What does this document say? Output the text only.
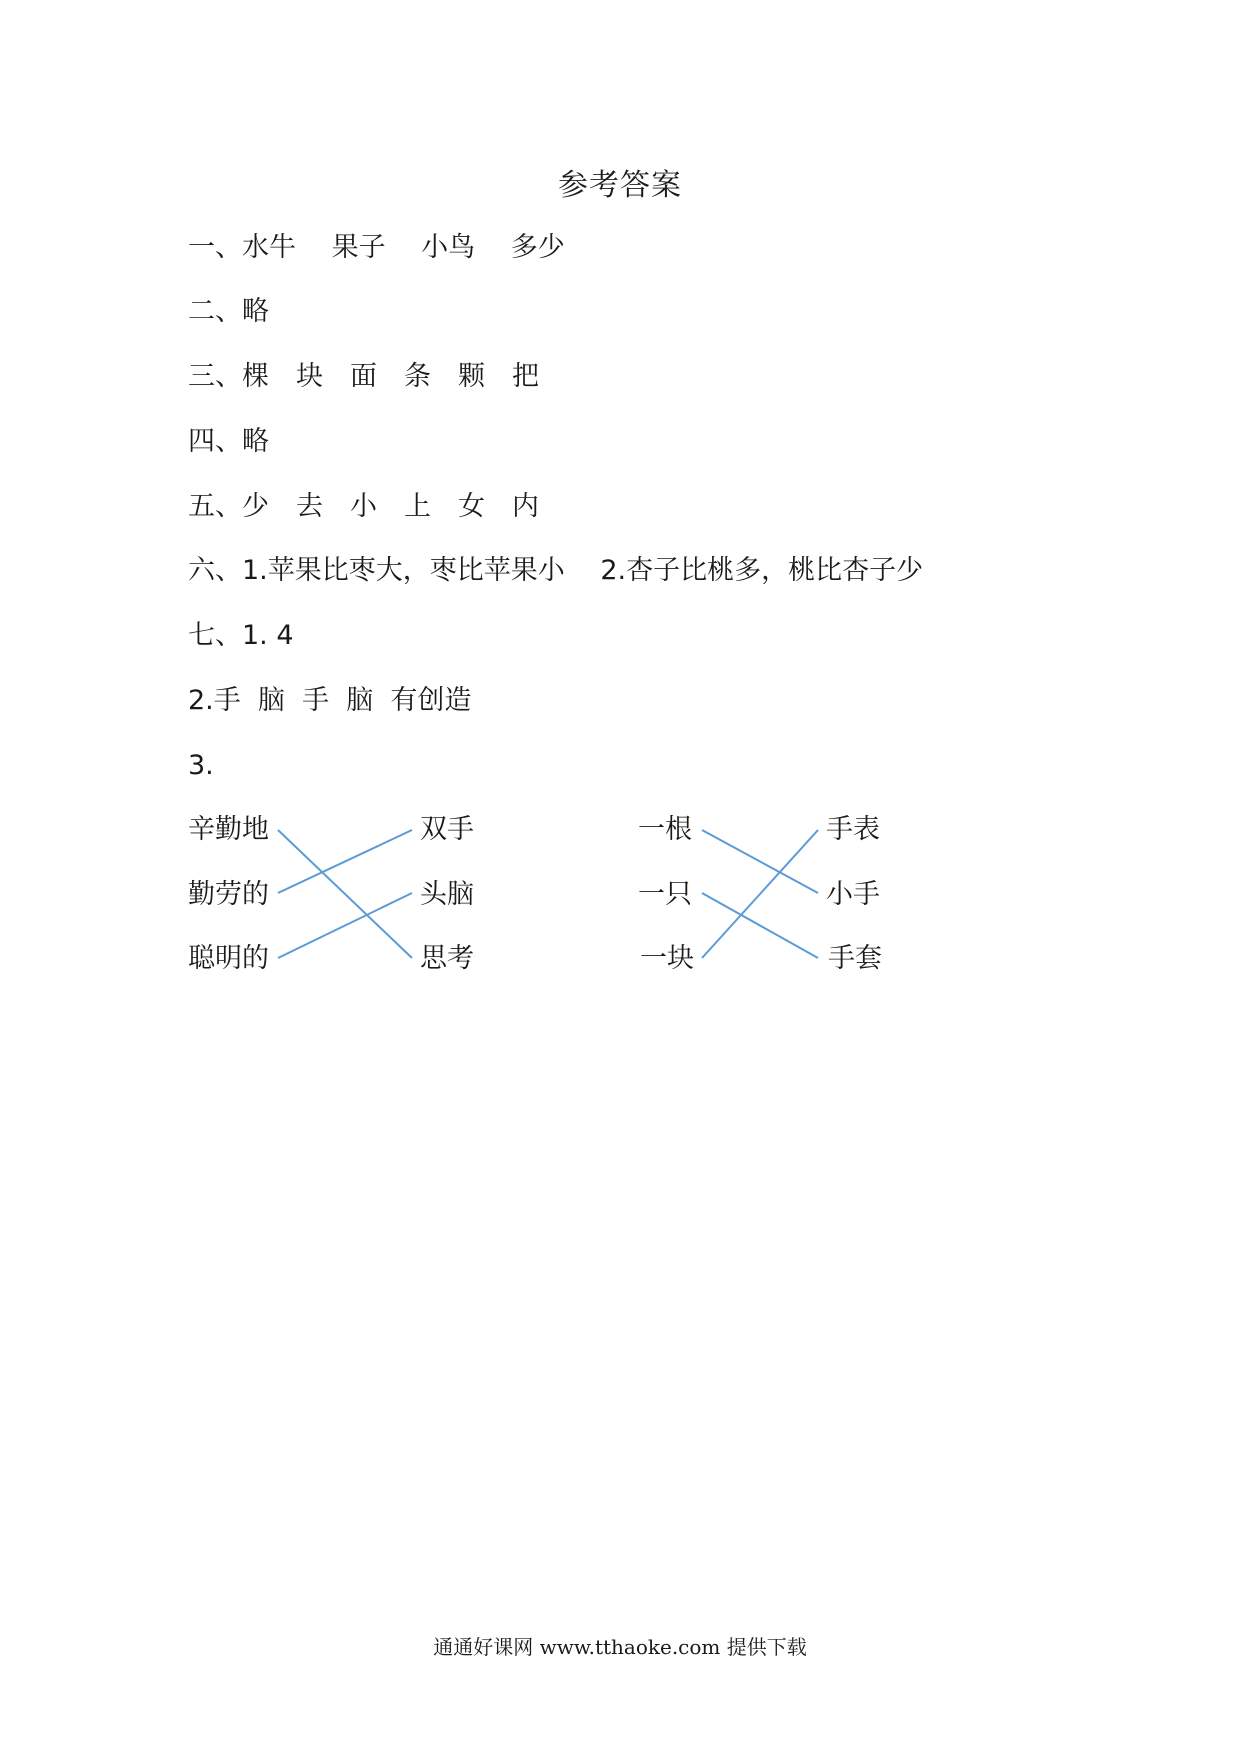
参考答案
一、水牛　 果子　 小鸟　 多少
二、略
三、棵　块　面　条　颗　把
四、略
五、少　去　小　上　女　内
六、1.苹果比枣大，枣比苹果小　 2.杏子比桃多，桃比杏子少
七、1. 4
2.手  脑  手  脑  有创造
3.
辛勤地
勤劳的
聪明的
双手
头脑
思考
一根
一只
一块
手表
小手
手套
通通好课网 www.tthaoke.com 提供下载
